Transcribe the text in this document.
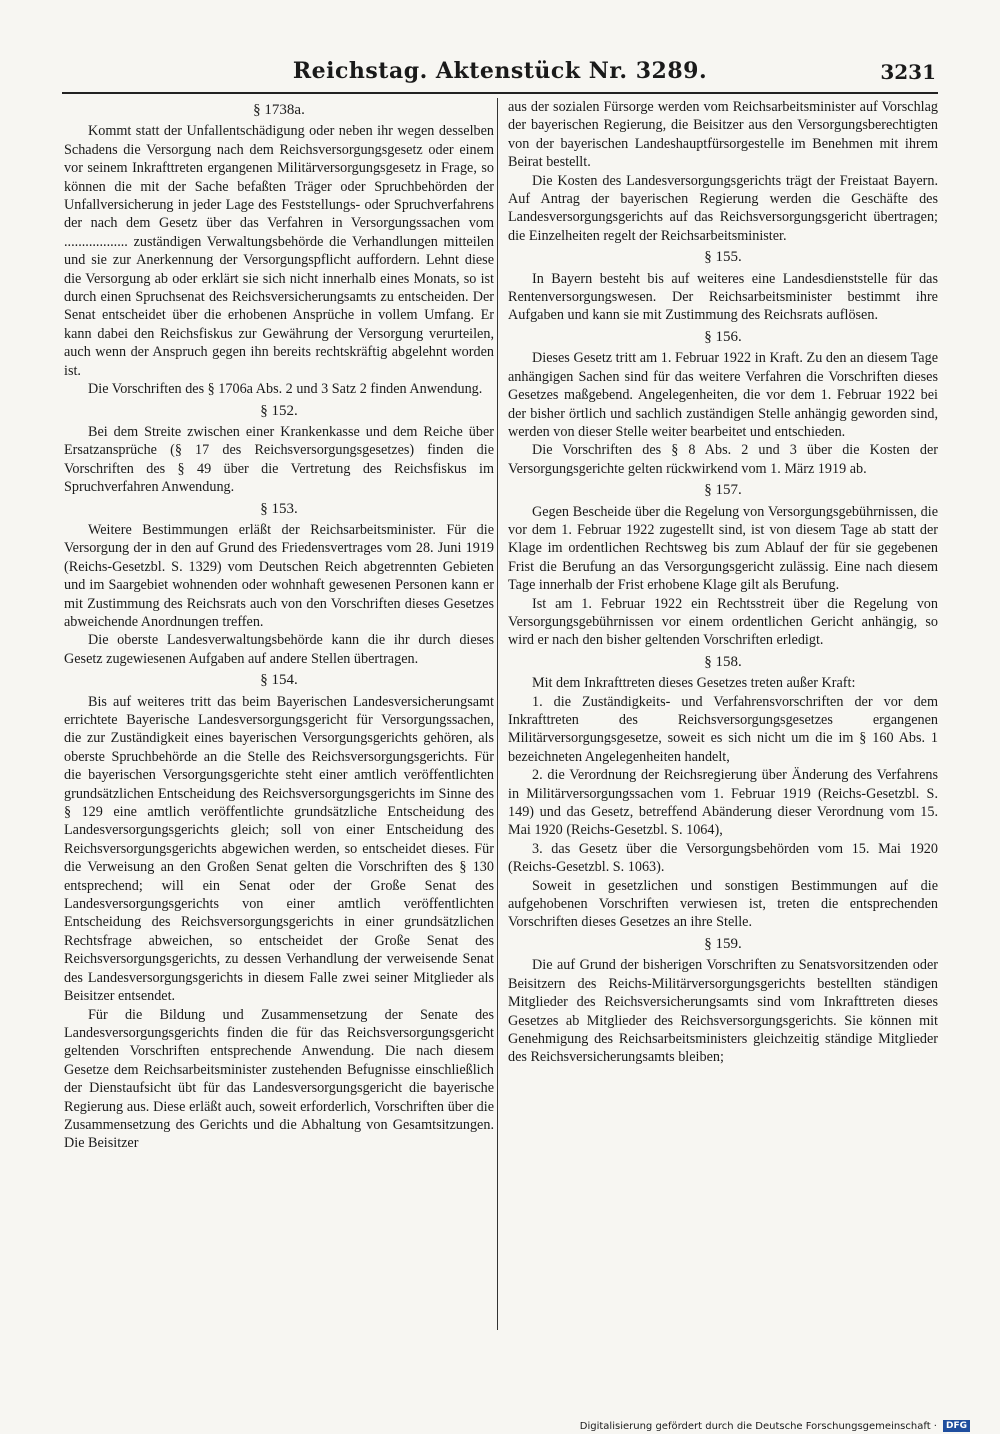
Reichstag. Aktenstück Nr. 3289.	3231

§ 1738a.

Kommt statt der Unfallentschädigung oder neben ihr wegen desselben Schadens die Versorgung nach dem Reichsversorgungsgesetz oder einem vor seinem Inkrafttreten ergangenen Militärversorgungsgesetz in Frage, so können die mit der Sache befaßten Träger oder Spruchbehörden der Unfallversicherung in jeder Lage des Feststellungs- oder Spruchverfahrens der nach dem Gesetz über das Verfahren in Versorgungssachen vom .................. zuständigen Verwaltungsbehörde die Verhandlungen mitteilen und sie zur Anerkennung der Versorgungspflicht auffordern. Lehnt diese die Versorgung ab oder erklärt sie sich nicht innerhalb eines Monats, so ist durch einen Spruchsenat des Reichsversicherungsamts zu entscheiden. Der Senat entscheidet über die erhobenen Ansprüche in vollem Umfang. Er kann dabei den Reichsfiskus zur Gewährung der Versorgung verurteilen, auch wenn der Anspruch gegen ihn bereits rechtskräftig abgelehnt worden ist.

Die Vorschriften des § 1706a Abs. 2 und 3 Satz 2 finden Anwendung.

§ 152.

Bei dem Streite zwischen einer Krankenkasse und dem Reiche über Ersatzansprüche (§ 17 des Reichsversorgungsgesetzes) finden die Vorschriften des § 49 über die Vertretung des Reichsfiskus im Spruchverfahren Anwendung.

§ 153.

Weitere Bestimmungen erläßt der Reichsarbeitsminister. Für die Versorgung der in den auf Grund des Friedensvertrages vom 28. Juni 1919 (Reichs-Gesetzbl. S. 1329) vom Deutschen Reich abgetrennten Gebieten und im Saargebiet wohnenden oder wohnhaft gewesenen Personen kann er mit Zustimmung des Reichsrats auch von den Vorschriften dieses Gesetzes abweichende Anordnungen treffen.

Die oberste Landesverwaltungsbehörde kann die ihr durch dieses Gesetz zugewiesenen Aufgaben auf andere Stellen übertragen.

§ 154.

Bis auf weiteres tritt das beim Bayerischen Landesversicherungsamt errichtete Bayerische Landesversorgungsgericht für Versorgungssachen, die zur Zuständigkeit eines bayerischen Versorgungsgerichts gehören, als oberste Spruchbehörde an die Stelle des Reichsversorgungsgerichts. Für die bayerischen Versorgungsgerichte steht einer amtlich veröffentlichten grundsätzlichen Entscheidung des Reichsversorgungsgerichts im Sinne des § 129 eine amtlich veröffentlichte grundsätzliche Entscheidung des Landesversorgungsgerichts gleich; soll von einer Entscheidung des Reichsversorgungsgerichts abgewichen werden, so entscheidet dieses. Für die Verweisung an den Großen Senat gelten die Vorschriften des § 130 entsprechend; will ein Senat oder der Große Senat des Landesversorgungsgerichts von einer amtlich veröffentlichten Entscheidung des Reichsversorgungsgerichts in einer grundsätzlichen Rechtsfrage abweichen, so entscheidet der Große Senat des Reichsversorgungsgerichts, zu dessen Verhandlung der verweisende Senat des Landesversorgungsgerichts in diesem Falle zwei seiner Mitglieder als Beisitzer entsendet.

Für die Bildung und Zusammensetzung der Senate des Landesversorgungsgerichts finden die für das Reichsversorgungsgericht geltenden Vorschriften entsprechende Anwendung. Die nach diesem Gesetze dem Reichsarbeitsminister zustehenden Befugnisse einschließlich der Dienstaufsicht übt für das Landesversorgungsgericht die bayerische Regierung aus. Diese erläßt auch, soweit erforderlich, Vorschriften über die Zusammensetzung des Gerichts und die Abhaltung von Gesamtsitzungen. Die Beisitzer

aus der sozialen Fürsorge werden vom Reichsarbeitsminister auf Vorschlag der bayerischen Regierung, die Beisitzer aus den Versorgungsberechtigten von der bayerischen Landeshauptfürsorgestelle im Benehmen mit ihrem Beirat bestellt.

Die Kosten des Landesversorgungsgerichts trägt der Freistaat Bayern. Auf Antrag der bayerischen Regierung werden die Geschäfte des Landesversorgungsgerichts auf das Reichsversorgungsgericht übertragen; die Einzelheiten regelt der Reichsarbeitsminister.

§ 155.

In Bayern besteht bis auf weiteres eine Landesdienststelle für das Rentenversorgungswesen. Der Reichsarbeitsminister bestimmt ihre Aufgaben und kann sie mit Zustimmung des Reichsrats auflösen.

§ 156.

Dieses Gesetz tritt am 1. Februar 1922 in Kraft. Zu den an diesem Tage anhängigen Sachen sind für das weitere Verfahren die Vorschriften dieses Gesetzes maßgebend. Angelegenheiten, die vor dem 1. Februar 1922 bei der bisher örtlich und sachlich zuständigen Stelle anhängig geworden sind, werden von dieser Stelle weiter bearbeitet und entschieden.

Die Vorschriften des § 8 Abs. 2 und 3 über die Kosten der Versorgungsgerichte gelten rückwirkend vom 1. März 1919 ab.

§ 157.

Gegen Bescheide über die Regelung von Versorgungsgebührnissen, die vor dem 1. Februar 1922 zugestellt sind, ist von diesem Tage ab statt der Klage im ordentlichen Rechtsweg bis zum Ablauf der für sie gegebenen Frist die Berufung an das Versorgungsgericht zulässig. Eine nach diesem Tage innerhalb der Frist erhobene Klage gilt als Berufung.

Ist am 1. Februar 1922 ein Rechtsstreit über die Regelung von Versorgungsgebührnissen vor einem ordentlichen Gericht anhängig, so wird er nach den bisher geltenden Vorschriften erledigt.

§ 158.

Mit dem Inkrafttreten dieses Gesetzes treten außer Kraft:

1. die Zuständigkeits- und Verfahrensvorschriften der vor dem Inkrafttreten des Reichsversorgungsgesetzes ergangenen Militärversorgungsgesetze, soweit es sich nicht um die im § 160 Abs. 1 bezeichneten Angelegenheiten handelt,

2. die Verordnung der Reichsregierung über Änderung des Verfahrens in Militärversorgungssachen vom 1. Februar 1919 (Reichs-Gesetzbl. S. 149) und das Gesetz, betreffend Abänderung dieser Verordnung vom 15. Mai 1920 (Reichs-Gesetzbl. S. 1064),

3. das Gesetz über die Versorgungsbehörden vom 15. Mai 1920 (Reichs-Gesetzbl. S. 1063).

Soweit in gesetzlichen und sonstigen Bestimmungen auf die aufgehobenen Vorschriften verwiesen ist, treten die entsprechenden Vorschriften dieses Gesetzes an ihre Stelle.

§ 159.

Die auf Grund der bisherigen Vorschriften zu Senatsvorsitzenden oder Beisitzern des Reichs-Militärversorgungsgerichts bestellten ständigen Mitglieder des Reichsversicherungsamts sind vom Inkrafttreten dieses Gesetzes ab Mitglieder des Reichsversorgungsgerichts. Sie können mit Genehmigung des Reichsarbeitsministers gleichzeitig ständige Mitglieder des Reichsversicherungsamts bleiben;

Digitalisierung gefördert durch die Deutsche Forschungsgemeinschaft ·	DFG
